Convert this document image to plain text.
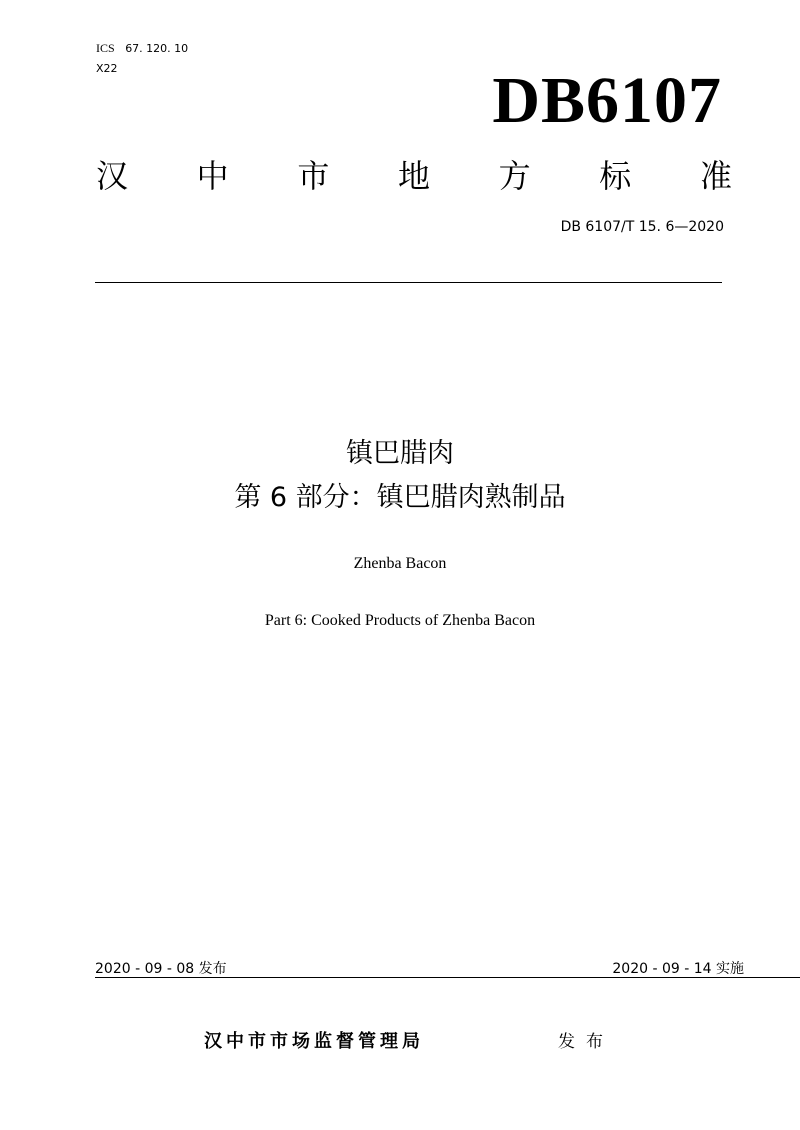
ICS 67. 120. 10
X22	DB6107
汉 中 市 地 方 标 准
DB 6107/T 15. 6—2020
镇巴腊肉
第 6 部分：镇巴腊肉熟制品
Zhenba Bacon
Part 6: Cooked Products of Zhenba Bacon
2020 - 09 - 08 发布	2020 - 09 - 14 实施
汉中市市场监督管理局	发布
